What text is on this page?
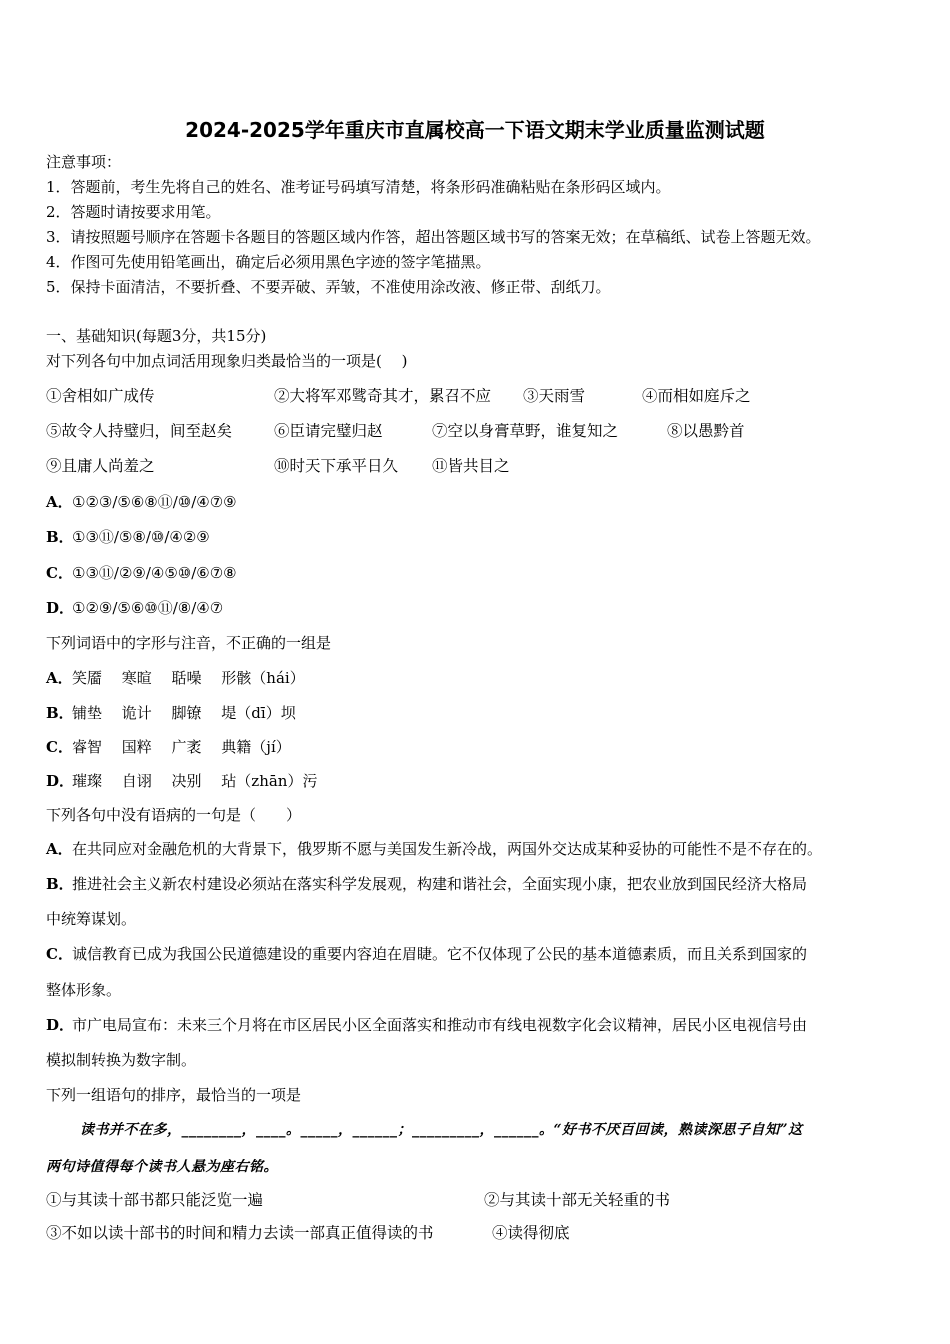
2024-2025学年重庆市直属校高一下语文期末学业质量监测试题
注意事项：
1．答题前，考生先将自己的姓名、准考证号码填写清楚，将条形码准确粘贴在条形码区域内。
2．答题时请按要求用笔。
3．请按照题号顺序在答题卡各题目的答题区域内作答，超出答题区域书写的答案无效；在草稿纸、试卷上答题无效。
4．作图可先使用铅笔画出，确定后必须用黑色字迹的签字笔描黑。
5．保持卡面清洁，不要折叠、不要弄破、弄皱，不准使用涂改液、修正带、刮纸刀。
一、基础知识(每题3分，共15分)
对下列各句中加点词活用现象归类最恰当的一项是(　 )
①舍相如广成传	②大将军邓骘奇其才，累召不应 ③天雨雪	④而相如庭斥之
⑤故令人持璧归，间至赵矣	⑥臣请完璧归赵	⑦空以身膏草野，谁复知之	⑧以愚黔首
⑨且庸人尚羞之	⑩时天下承平日久 ⑪皆共目之
A．①②③/⑤⑥⑧⑪/⑩/④⑦⑨
B．①③⑪/⑤⑧/⑩/④②⑨
C．①③⑪/②⑨/④⑤⑩/⑥⑦⑧
D．①②⑨/⑤⑥⑩⑪/⑧/④⑦
下列词语中的字形与注音，不正确的一组是
A．笑靥　 寒暄　 聒噪　 形骸（hái）
B．铺垫　 诡计　 脚镣　 堤（dī）坝
C．睿智　 国粹　 广袤　 典籍（jí）
D．璀璨　 自诩　 决别　 玷（zhān）污
下列各句中没有语病的一句是（　　）
A．在共同应对金融危机的大背景下，俄罗斯不愿与美国发生新冷战，两国外交达成某种妥协的可能性不是不存在的。
B．推进社会主义新农村建设必须站在落实科学发展观，构建和谐社会，全面实现小康，把农业放到国民经济大格局
中统筹谋划。
C．诚信教育已成为我国公民道德建设的重要内容迫在眉睫。它不仅体现了公民的基本道德素质，而且关系到国家的
整体形象。
D．市广电局宣布：未来三个月将在市区居民小区全面落实和推动市有线电视数字化会议精神，居民小区电视信号由
模拟制转换为数字制。
下列一组语句的排序，最恰当的一项是
读书并不在多，________，____。_____，______；_________，______。“好书不厌百回读，熟读深思子自知”这
两句诗值得每个读书人悬为座右铭。
①与其读十部书都只能泛览一遍	②与其读十部无关轻重的书
③不如以读十部书的时间和精力去读一部真正值得读的书	④读得彻底
